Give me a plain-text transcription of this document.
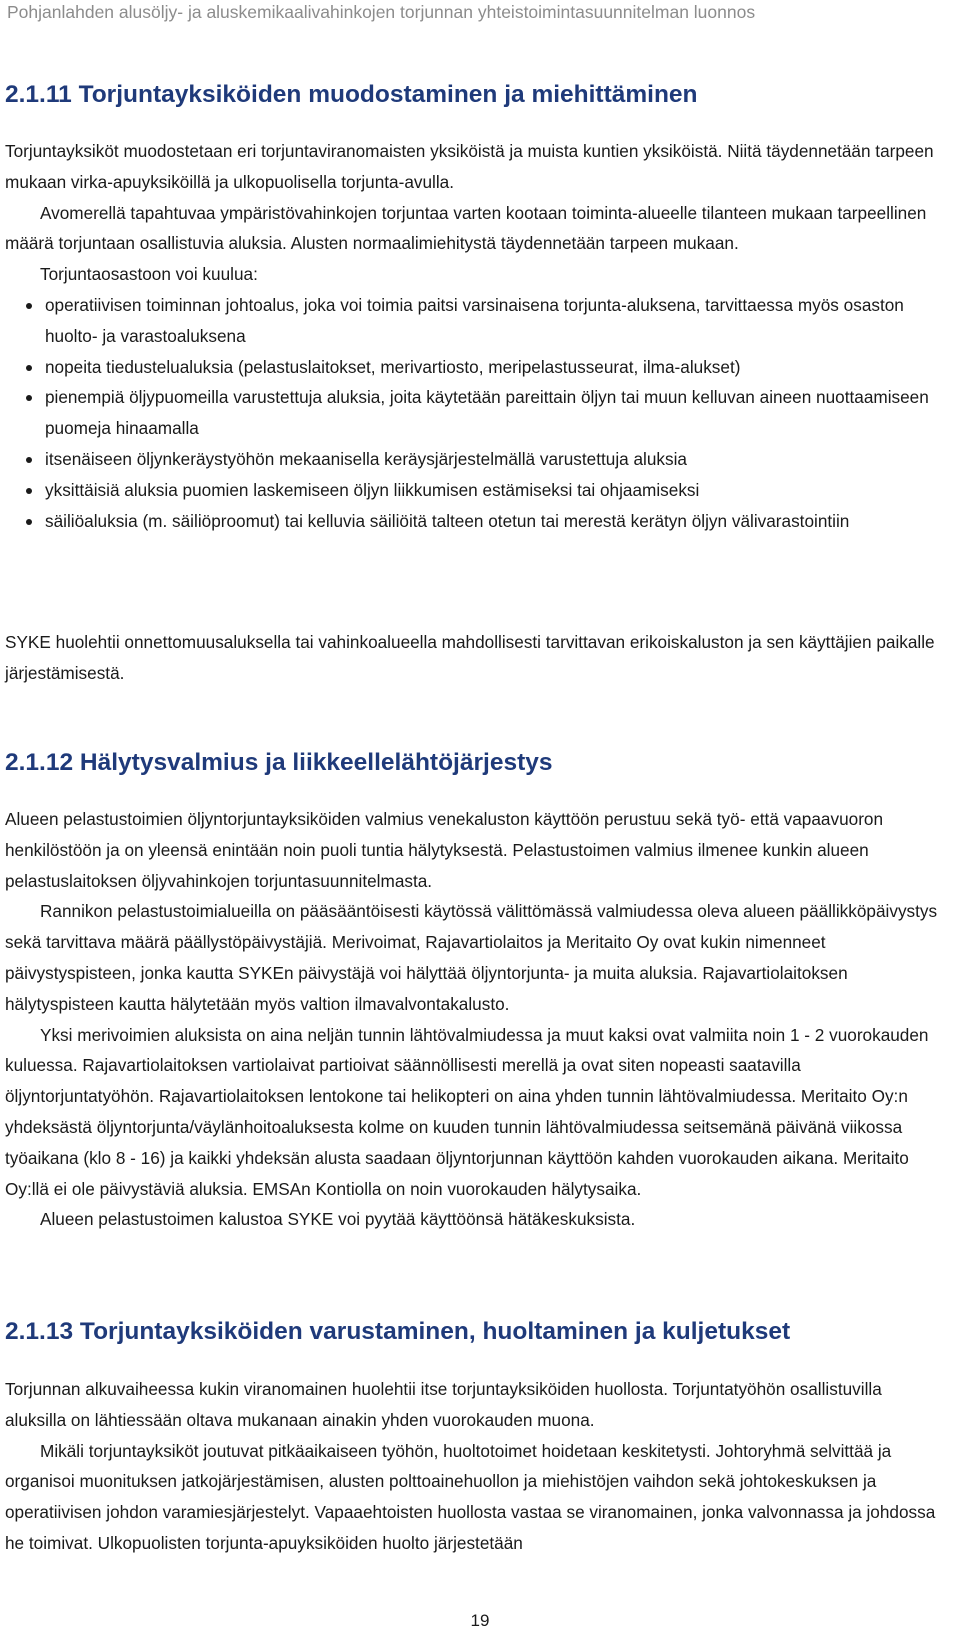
Pohjanlahden alusöljy- ja aluskemikaalivahinkojen torjunnan yhteistoimintasuunnitelman luonnos
2.1.11 Torjuntayksiköiden muodostaminen ja miehittäminen

Torjuntayksiköt muodostetaan eri torjuntaviranomaisten yksiköistä ja muista kuntien yksiköistä. Niitä täydennetään tarpeen mukaan virka-apuyksiköillä ja ulkopuolisella torjunta-avulla.

Avomerellä tapahtuvaa ympäristövahinkojen torjuntaa varten kootaan toiminta-alueelle tilanteen mukaan tarpeellinen määrä torjuntaan osallistuvia aluksia. Alusten normaalimiehitystä täydennetään tarpeen mukaan.

Torjuntaosastoon voi kuulua:

operatiivisen toiminnan johtoalus, joka voi toimia paitsi varsinaisena torjunta-aluksena, tarvittaessa myös osaston huolto- ja varastoaluksena
nopeita tiedustelualuksia (pelastuslaitokset, merivartiosto, meripelastusseurat, ilma-alukset)
pienempiä öljypuomeilla varustettuja aluksia, joita käytetään pareittain öljyn tai muun kelluvan aineen nuottaamiseen puomeja hinaamalla
itsenäiseen öljynkeräystyöhön mekaanisella keräysjärjestelmällä varustettuja aluksia
yksittäisiä aluksia puomien laskemiseen öljyn liikkumisen estämiseksi tai ohjaamiseksi
säiliöaluksia (m. säiliöproomut) tai kelluvia säiliöitä talteen otetun tai merestä kerätyn öljyn välivarastointiin

SYKE huolehtii onnettomuusaluksella tai vahinkoalueella mahdollisesti tarvittavan erikoiskaluston ja sen käyttäjien paikalle järjestämisestä.

2.1.12 Hälytysvalmius ja liikkeellelähtöjärjestys

Alueen pelastustoimien öljyntorjuntayksiköiden valmius venekaluston käyttöön perustuu sekä työ- että vapaavuoron henkilöstöön ja on yleensä enintään noin puoli tuntia hälytyksestä. Pelastustoimen valmius ilmenee kunkin alueen pelastuslaitoksen öljyvahinkojen torjuntasuunnitelmasta.

Rannikon pelastustoimialueilla on pääsääntöisesti käytössä välittömässä valmiudessa oleva alueen päällikköpäivystys sekä tarvittava määrä päällystöpäivystäjiä. Merivoimat, Rajavartiolaitos ja Meritaito Oy ovat kukin nimenneet päivystyspisteen, jonka kautta SYKEn päivystäjä voi hälyttää öljyntorjunta- ja muita aluksia. Rajavartiolaitoksen hälytyspisteen kautta hälytetään myös valtion ilmavalvontakalusto.

Yksi merivoimien aluksista on aina neljän tunnin lähtövalmiudessa ja muut kaksi ovat valmiita noin 1 - 2 vuorokauden kuluessa. Rajavartiolaitoksen vartiolaivat partioivat säännöllisesti merellä ja ovat siten nopeasti saatavilla öljyntorjuntatyöhön. Rajavartiolaitoksen lentokone tai helikopteri on aina yhden tunnin lähtövalmiudessa. Meritaito Oy:n yhdeksästä öljyntorjunta/väylänhoitoaluksesta kolme on kuuden tunnin lähtövalmiudessa seitsemänä päivänä viikossa työaikana (klo 8 - 16) ja kaikki yhdeksän alusta saadaan öljyntorjunnan käyttöön kahden vuorokauden aikana. Meritaito Oy:llä ei ole päivystäviä aluksia. EMSAn Kontiolla on noin vuorokauden hälytysaika.

Alueen pelastustoimen kalustoa SYKE voi pyytää käyttöönsä hätäkeskuksista.

2.1.13 Torjuntayksiköiden varustaminen, huoltaminen ja kuljetukset

Torjunnan alkuvaiheessa kukin viranomainen huolehtii itse torjuntayksiköiden huollosta. Torjuntatyöhön osallistuvilla aluksilla on lähtiessään oltava mukanaan ainakin yhden vuorokauden muona.

Mikäli torjuntayksiköt joutuvat pitkäaikaiseen työhön, huoltotoimet hoidetaan keskitetysti. Johtoryhmä selvittää ja organisoi muonituksen jatkojärjestämisen, alusten polttoainehuollon ja miehistöjen vaihdon sekä johtokeskuksen ja operatiivisen johdon varamiesjärjestelyt. Vapaaehtoisten huollosta vastaa se viranomainen, jonka valvonnassa ja johdossa he toimivat. Ulkopuolisten torjunta-apuyksiköiden huolto järjestetään

19
